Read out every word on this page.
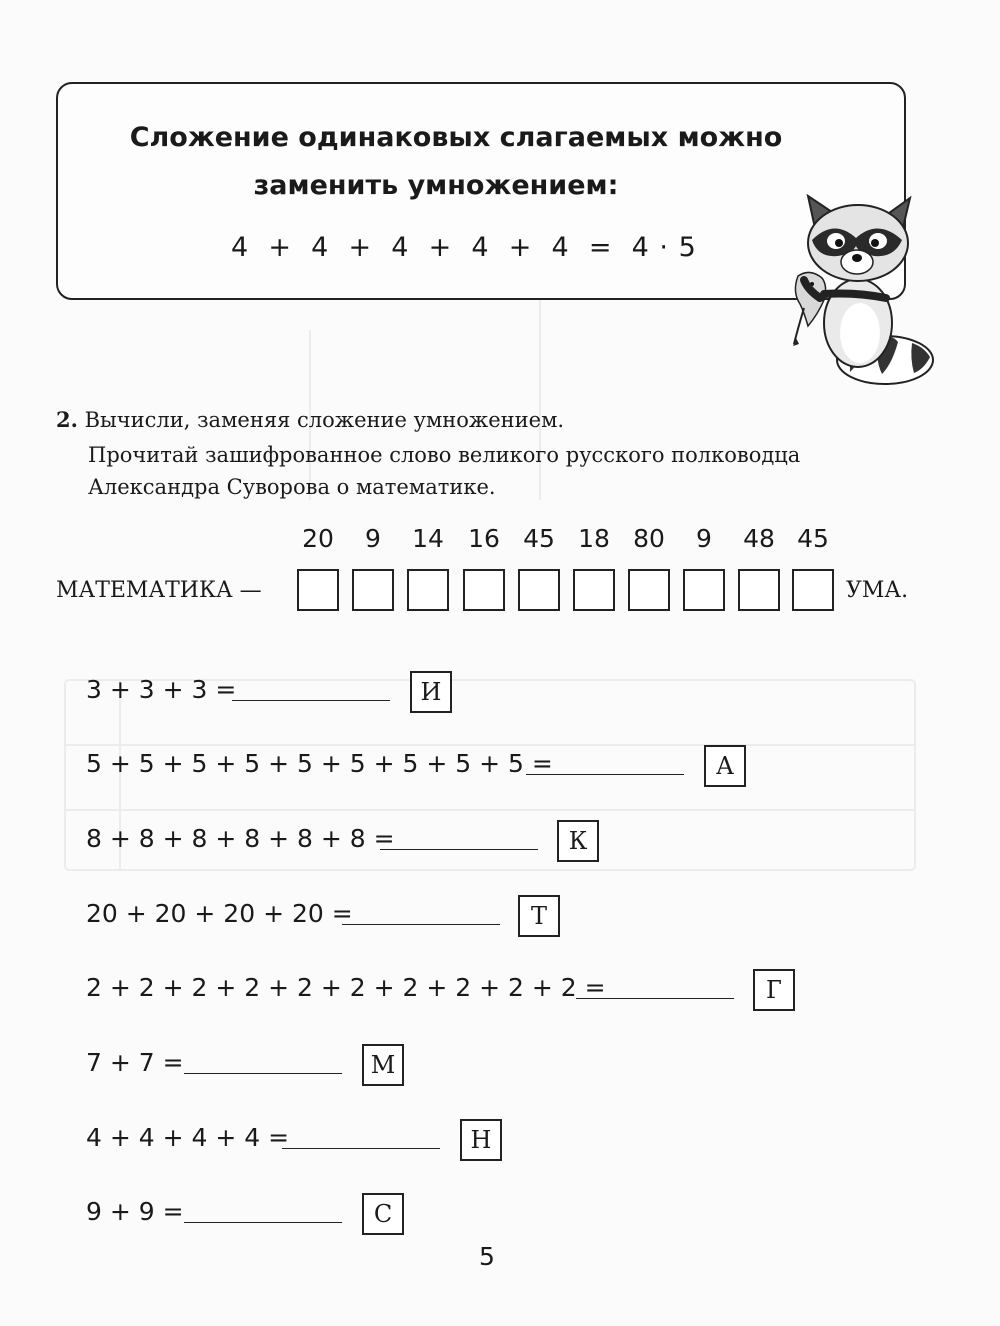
Сложение одинаковых слагаемых можно
заменить умножением:
4  +  4  +  4  +  4  +  4  =  4 · 5
2. Вычисли, заменяя сложение умножением.
Прочитай зашифрованное слово великого русского полководца Александра Суворова о математике.
20	9	14 16 45 18 80	9	48 45
МАТЕМАТИКА —	УМА.
3 + 3 + 3 =	И
5 + 5 + 5 + 5 + 5 + 5 + 5 + 5 + 5 =	А
8 + 8 + 8 + 8 + 8 + 8 =	К
20 + 20 + 20 + 20 =	Т
2 + 2 + 2 + 2 + 2 + 2 + 2 + 2 + 2 + 2 =	Г
7 + 7 =	М
4 + 4 + 4 + 4 =	Н
9 + 9 =	С
5
